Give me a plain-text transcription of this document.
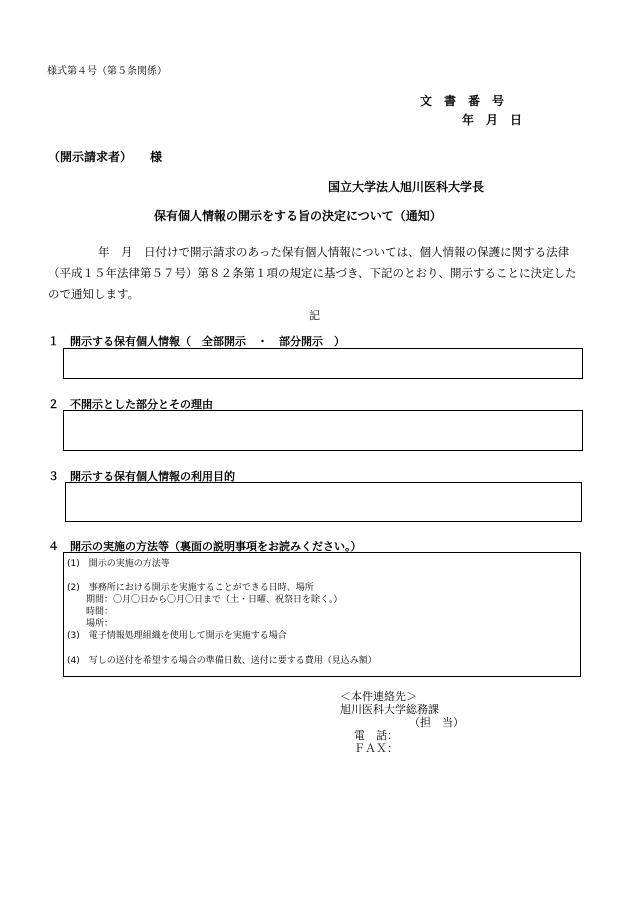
様式第４号（第５条関係）
文　書　番　号
年　月　日
（開示請求者）　　様
国立大学法人旭川医科大学長
保有個人情報の開示をする旨の決定について（通知）
年　月　日付けで開示請求のあった保有個人情報については、個人情報の保護に関する法律（平成１５年法律第５７号）第８２条第１項の規定に基づき、下記のとおり、開示することに決定したので通知します。
記
１　開示する保有個人情報（　全部開示　・　部分開示　）
２　不開示とした部分とその理由
３　開示する保有個人情報の利用目的
４　開示の実施の方法等（裏面の説明事項をお読みください。）
(1)　開示の実施の方法等
(2)　事務所における開示を実施することができる日時、場所
期間：〇月〇日から〇月〇日まで（土・日曜、祝祭日を除く。）
時間：
場所：
(3)　電子情報処理組織を使用して開示を実施する場合
(4)　写しの送付を希望する場合の準備日数、送付に要する費用（見込み額）
＜本件連絡先＞
旭川医科大学総務課
（担　当）
電　話：
ＦＡＸ：
